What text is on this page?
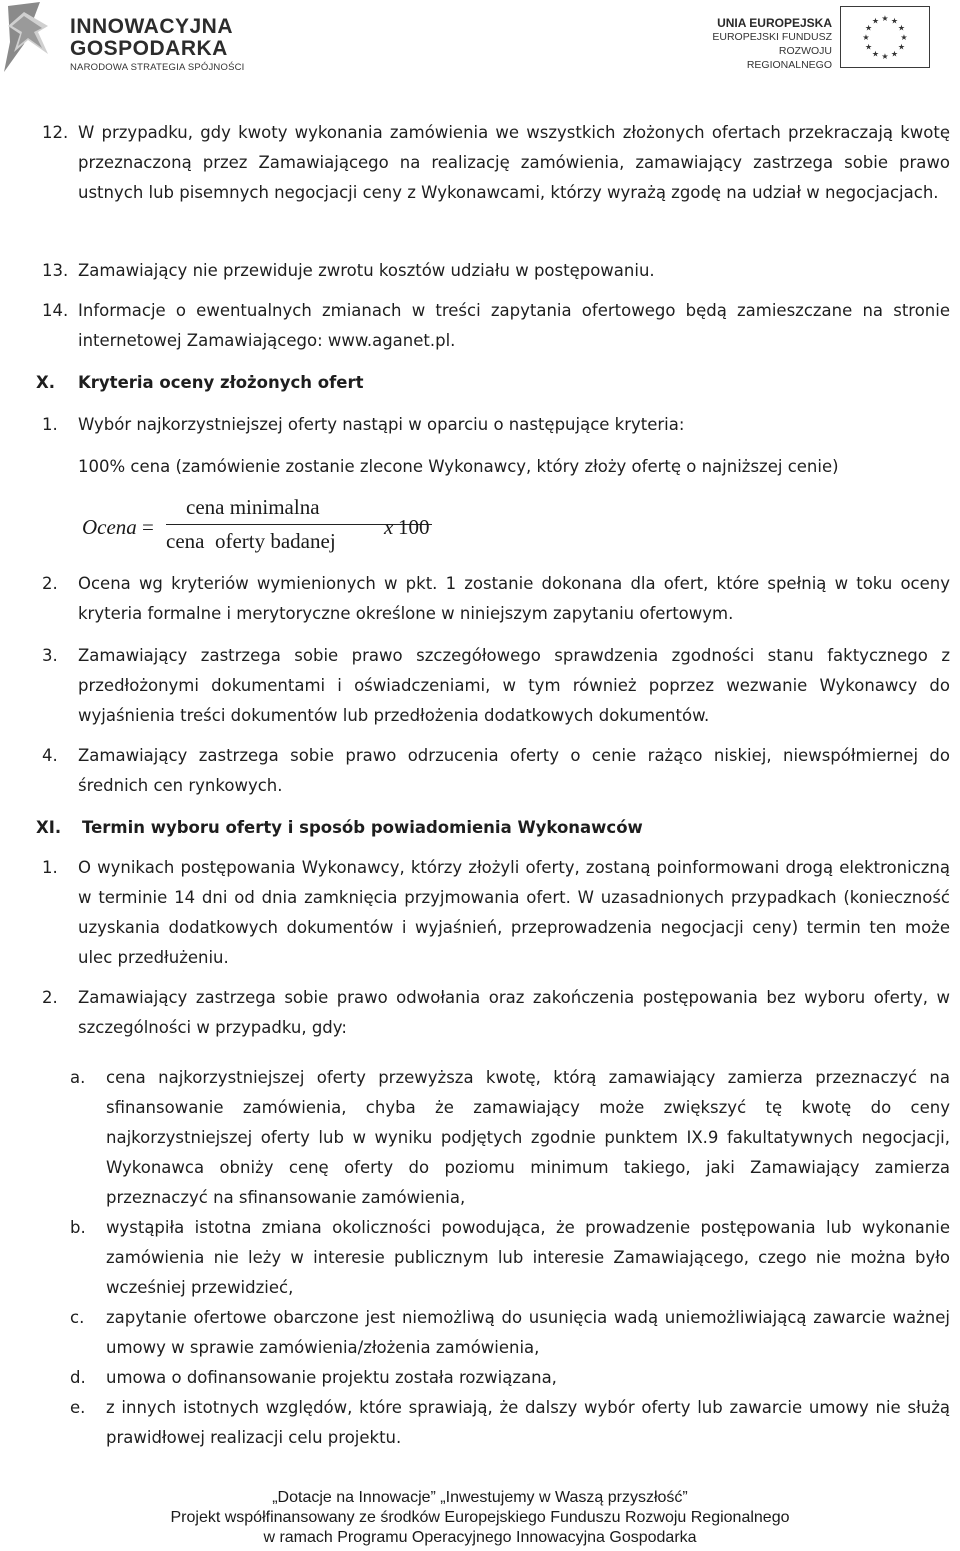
INNOWACYJNA
GOSPODARKA
NARODOWA STRATEGIA SPÓJNOŚCI
UNIA EUROPEJSKA
EUROPEJSKI FUNDUSZ
ROZWOJU REGIONALNEGO
★
★
★
★
★
★
★
★
★ ★ ★
★
12. W przypadku, gdy kwoty wykonania zamówienia we wszystkich złożonych ofertach przekraczają kwotę przeznaczoną przez Zamawiającego na realizację zamówienia, zamawiający zastrzega sobie prawo ustnych lub pisemnych negocjacji ceny z Wykonawcami, którzy wyrażą zgodę na udział w negocjacjach.
13. Zamawiający nie przewiduje zwrotu kosztów udziału w postępowaniu.
14. Informacje o ewentualnych zmianach w treści zapytania ofertowego będą zamieszczane na stronie internetowej Zamawiającego: www.aganet.pl.
X. Kryteria oceny złożonych ofert
1.	Wybór najkorzystniejszej oferty nastąpi w oparciu o następujące kryteria:
100% cena (zamówienie zostanie zlecone Wykonawcy, który złoży ofertę o najniższej cenie)
Ocena =
cena minimalna
cena  oferty badanej
x 100
2.	Ocena wg kryteriów wymienionych w pkt. 1 zostanie dokonana dla ofert, które spełnią w toku oceny kryteria formalne i merytoryczne określone w niniejszym zapytaniu ofertowym.
3.	Zamawiający zastrzega sobie prawo szczegółowego sprawdzenia zgodności stanu faktycznego z przedłożonymi dokumentami i oświadczeniami, w tym również poprzez wezwanie Wykonawcy do wyjaśnienia treści dokumentów lub przedłożenia dodatkowych dokumentów.
4.	Zamawiający zastrzega sobie prawo odrzucenia oferty o cenie rażąco niskiej, niewspółmiernej do średnich cen rynkowych.
XI. Termin wyboru oferty i sposób powiadomienia Wykonawców
1.	O wynikach postępowania Wykonawcy, którzy złożyli oferty, zostaną poinformowani drogą elektroniczną w terminie 14 dni od dnia zamknięcia przyjmowania ofert. W uzasadnionych przypadkach (konieczność uzyskania dodatkowych dokumentów i wyjaśnień, przeprowadzenia negocjacji ceny) termin ten może ulec przedłużeniu.
2.	Zamawiający zastrzega sobie prawo odwołania oraz zakończenia postępowania bez wyboru oferty, w szczególności w przypadku, gdy:
a. cena najkorzystniejszej oferty przewyższa kwotę, którą zamawiający zamierza przeznaczyć na sfinansowanie zamówienia, chyba że zamawiający może zwiększyć tę kwotę do ceny najkorzystniejszej oferty lub w wyniku podjętych zgodnie punktem IX.9 fakultatywnych negocjacji, Wykonawca obniży cenę oferty do poziomu minimum takiego, jaki Zamawiający zamierza przeznaczyć na sfinansowanie zamówienia,
b. wystąpiła istotna zmiana okoliczności powodująca, że prowadzenie postępowania lub wykonanie zamówienia nie leży w interesie publicznym lub interesie Zamawiającego, czego nie można było wcześniej przewidzieć,
c. zapytanie ofertowe obarczone jest niemożliwą do usunięcia wadą uniemożliwiającą zawarcie ważnej umowy w sprawie zamówienia/złożenia zamówienia,
d. umowa o dofinansowanie projektu została rozwiązana,
e. z innych istotnych względów, które sprawiają, że dalszy wybór oferty lub zawarcie umowy nie służą prawidłowej realizacji celu projektu.
„Dotacje na Innowacje” „Inwestujemy w Waszą przyszłość”
Projekt współfinansowany ze środków Europejskiego Funduszu Rozwoju Regionalnego
w ramach Programu Operacyjnego Innowacyjna Gospodarka
